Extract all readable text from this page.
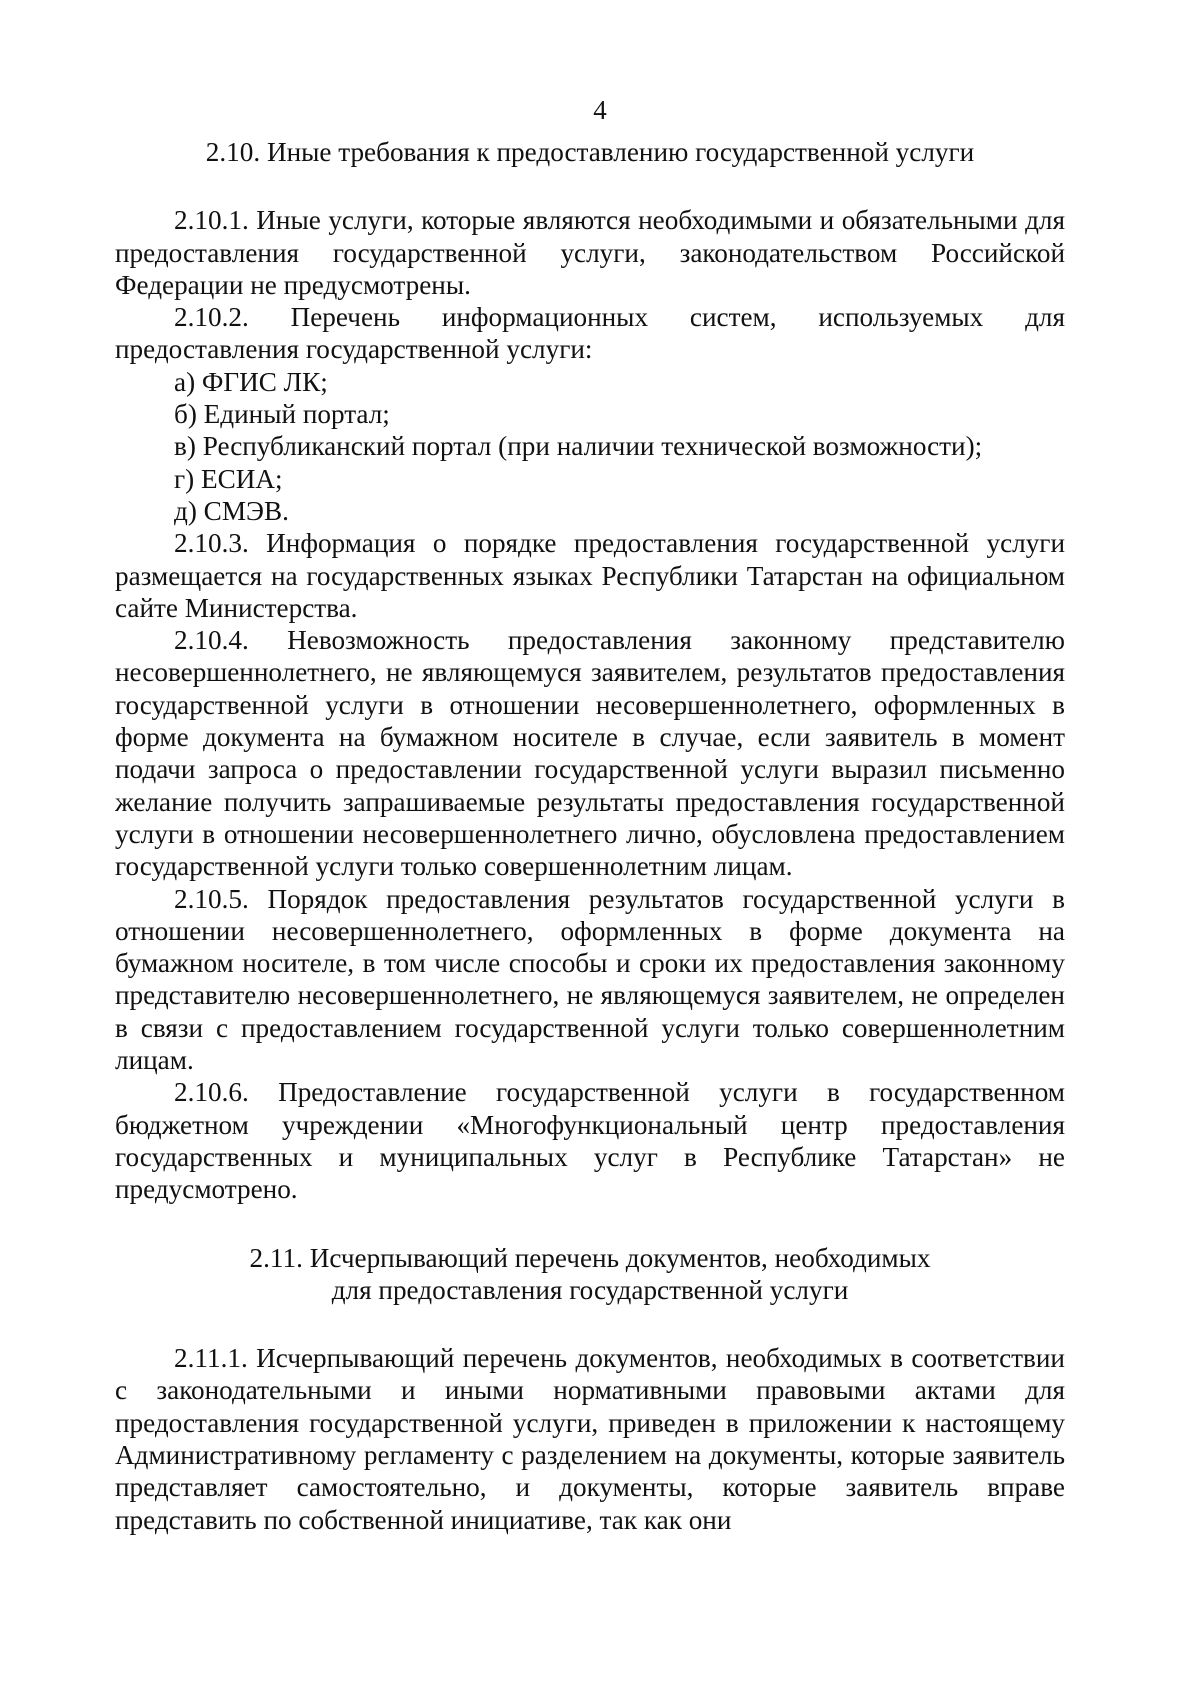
4

2.10. Иные требования к предоставлению государственной услуги

2.10.1. Иные услуги, которые являются необходимыми и обязательными для предоставления государственной услуги, законодательством Российской Федерации не предусмотрены.

2.10.2. Перечень информационных систем, используемых для предоставления государственной услуги:

а) ФГИС ЛК;

б) Единый портал;

в) Республиканский портал (при наличии технической возможности);

г) ЕСИА;

д) СМЭВ.

2.10.3. Информация о порядке предоставления государственной услуги размещается на государственных языках Республики Татарстан на официальном сайте Министерства.

2.10.4. Невозможность предоставления законному представителю несовершеннолетнего, не являющемуся заявителем, результатов предоставления государственной услуги в отношении несовершеннолетнего, оформленных в форме документа на бумажном носителе в случае, если заявитель в момент подачи запроса о предоставлении государственной услуги выразил письменно желание получить запрашиваемые результаты предоставления государственной услуги в отношении несовершеннолетнего лично, обусловлена предоставлением государственной услуги только совершеннолетним лицам.

2.10.5. Порядок предоставления результатов государственной услуги в отношении несовершеннолетнего, оформленных в форме документа на бумажном носителе, в том числе способы и сроки их предоставления законному представителю несовершеннолетнего, не являющемуся заявителем, не определен в связи с предоставлением государственной услуги только совершеннолетним лицам.

2.10.6. Предоставление государственной услуги в государственном бюджетном учреждении «Многофункциональный центр предоставления государственных и муниципальных услуг в Республике Татарстан» не предусмотрено.

2.11. Исчерпывающий перечень документов, необходимых
для предоставления государственной услуги

2.11.1. Исчерпывающий перечень документов, необходимых в соответствии с законодательными и иными нормативными правовыми актами для предоставления государственной услуги, приведен в приложении к настоящему Административному регламенту с разделением на документы, которые заявитель представляет самостоятельно, и документы, которые заявитель вправе представить по собственной инициативе, так как они
